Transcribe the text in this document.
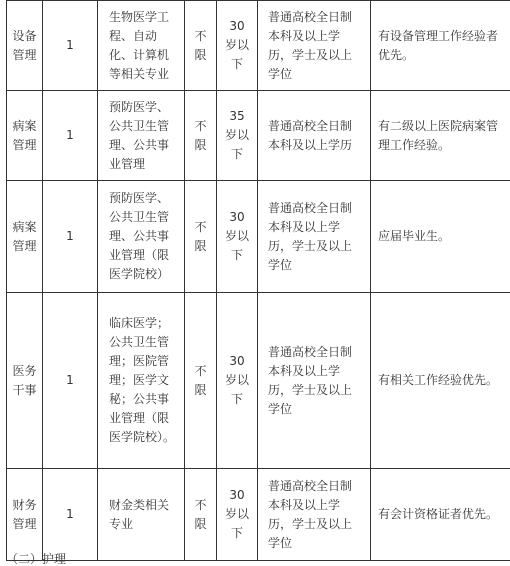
设备管理	1	生物医学工程、自动化、计算机等相关专业	不限	30岁以下	普通高校全日制本科及以上学历，学士及以上学位	有设备管理工作经验者优先。
病案管理	1	预防医学、公共卫生管理、公共事业管理	不限	35岁以下	普通高校全日制本科及以上学历	有二级以上医院病案管理工作经验。
病案管理	1	预防医学、公共卫生管理、公共事业管理（限医学院校）	不限	30岁以下	普通高校全日制本科及以上学历，学士及以上学位	应届毕业生。
医务干事	1	临床医学；公共卫生管理；医院管理；医学文秘；公共事业管理（限医学院校）。	不限	30岁以下	普通高校全日制本科及以上学历，学士及以上学位	有相关工作经验优先。
财务管理	1	财金类相关专业	不限	30岁以下	普通高校全日制本科及以上学历，学士及以上学位	有会计资格证者优先。
（二）护理
